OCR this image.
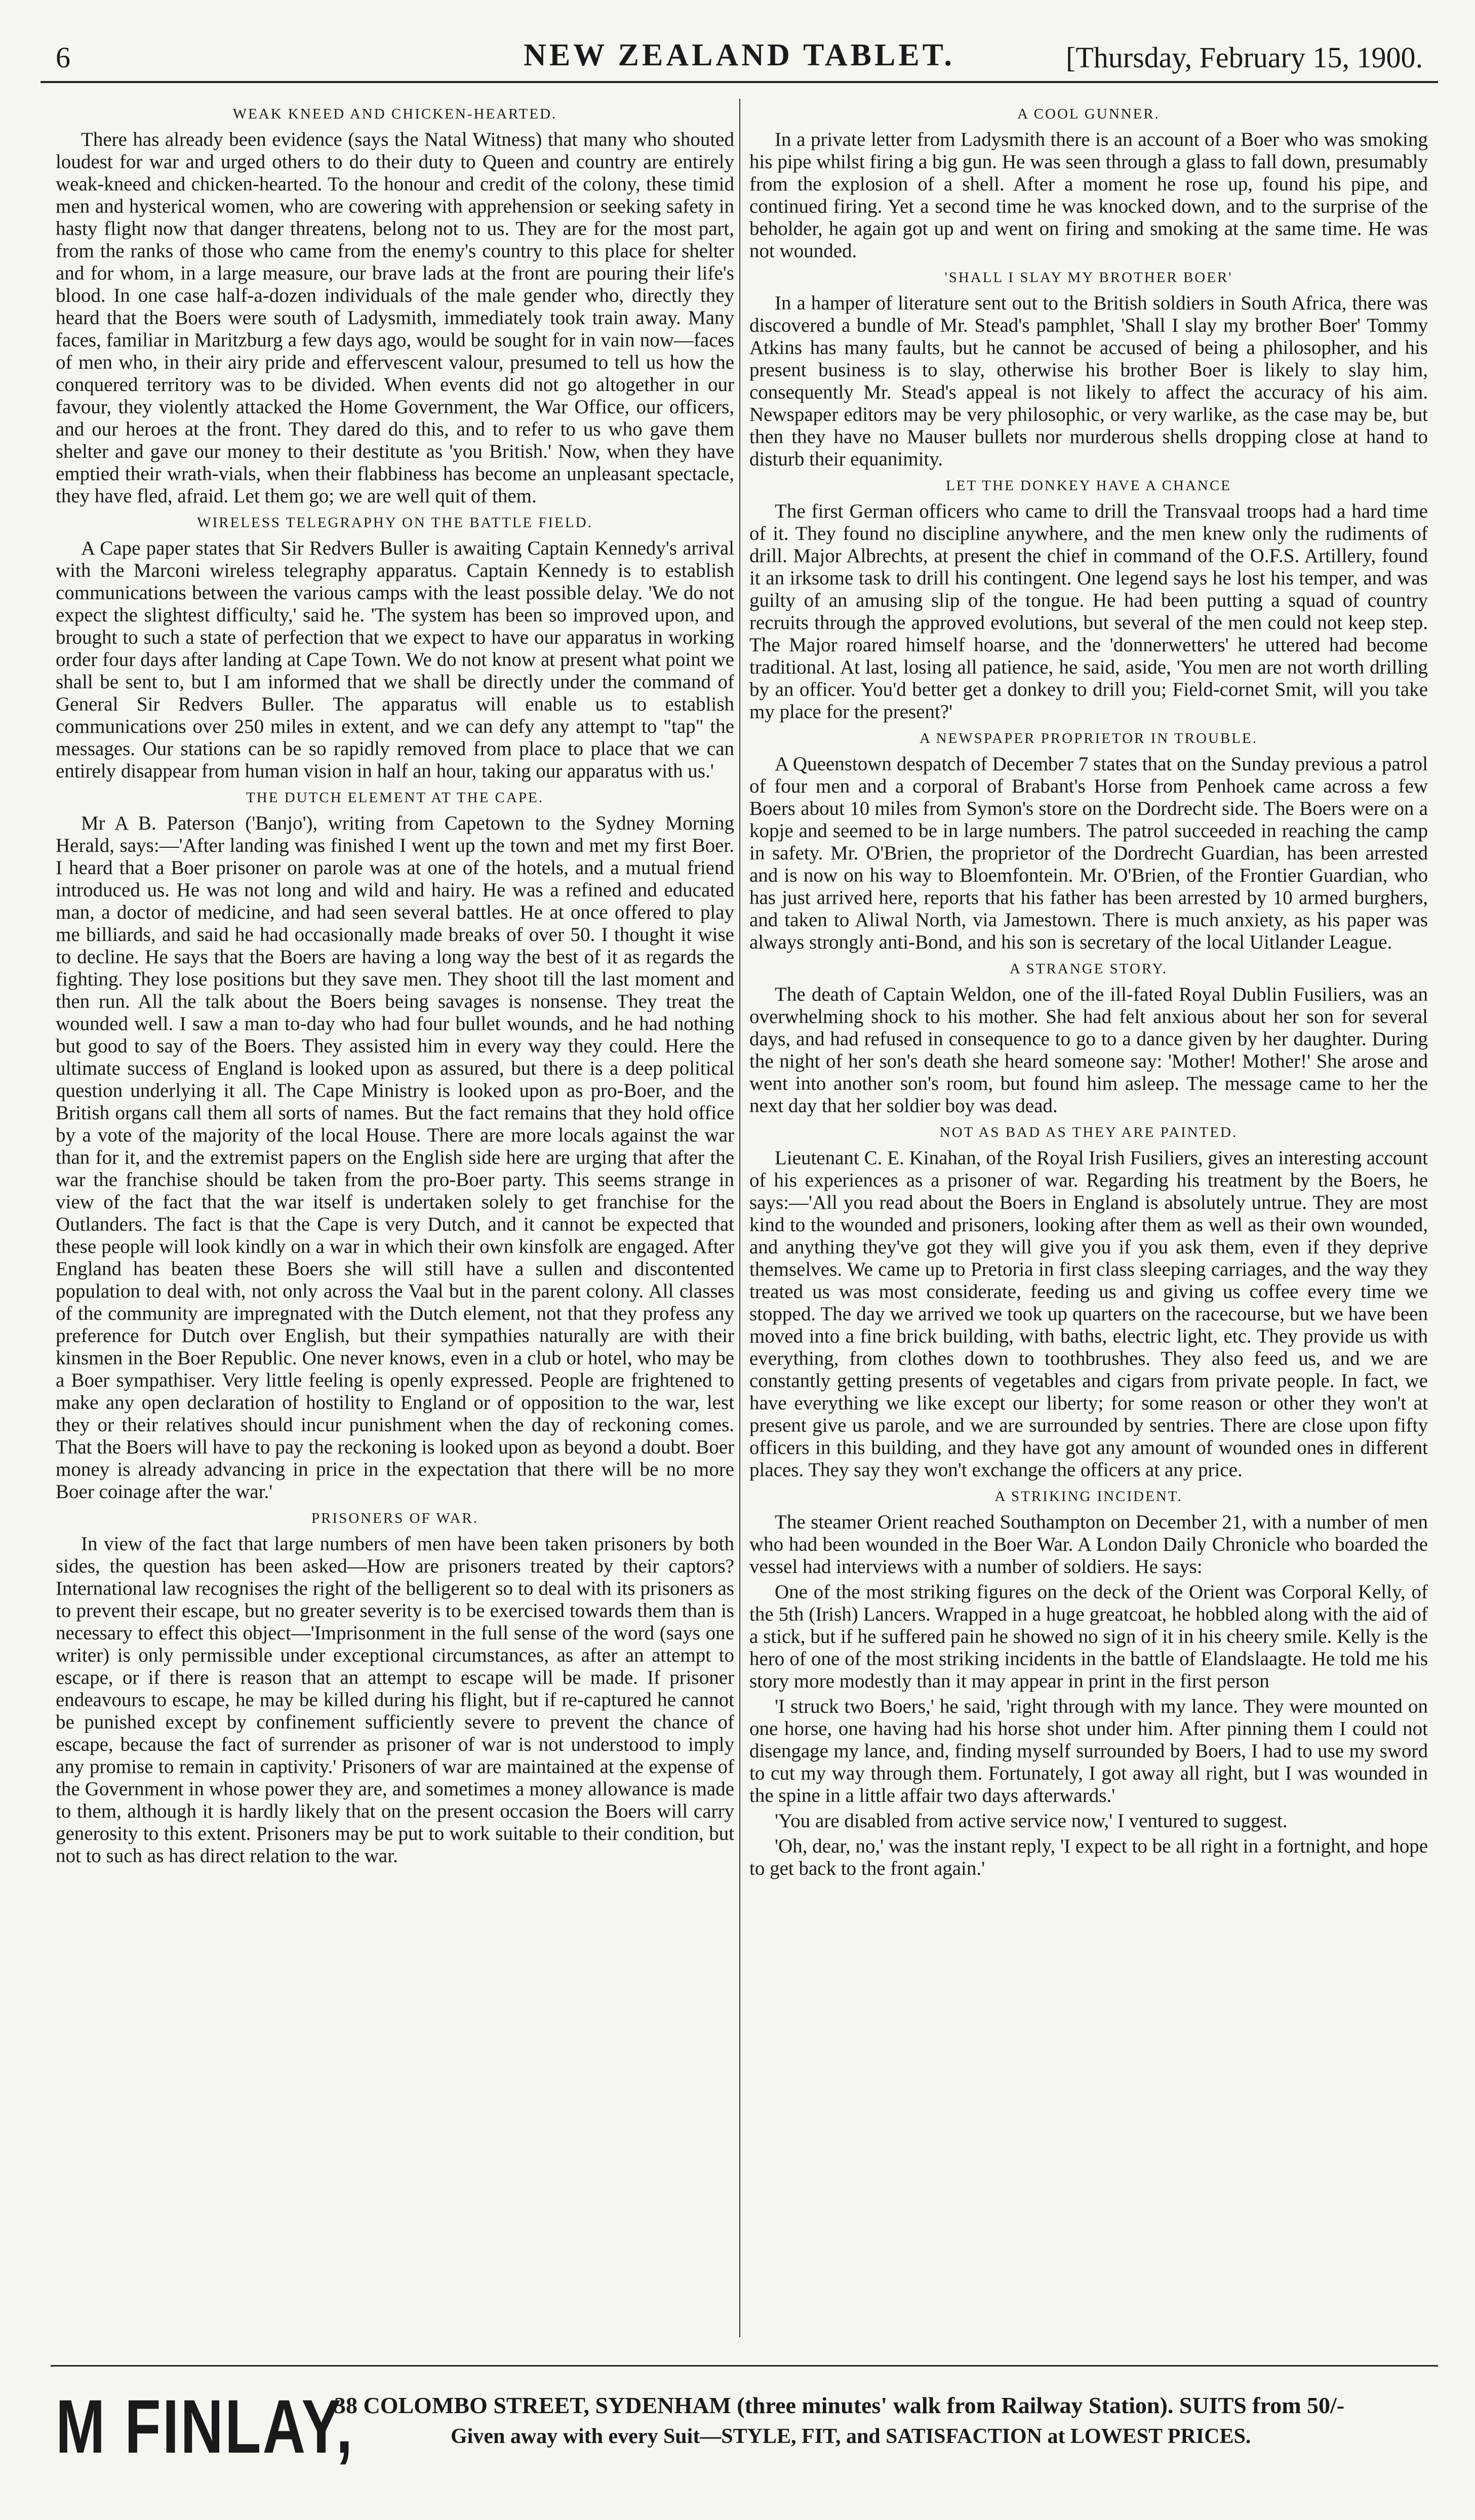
6	NEW ZEALAND TABLET.	[Thursday, February 15, 1900.
WEAK KNEED AND CHICKEN-HEARTED.

There has already been evidence (says the Natal Witness) that many who shouted loudest for war and urged others to do their duty to Queen and country are entirely weak-kneed and chicken-hearted. To the honour and credit of the colony, these timid men and hysterical women, who are cowering with apprehension or seeking safety in hasty flight now that danger threatens, belong not to us. They are for the most part, from the ranks of those who came from the enemy's country to this place for shelter and for whom, in a large measure, our brave lads at the front are pouring their life's blood. In one case half-a-dozen individuals of the male gender who, directly they heard that the Boers were south of Ladysmith, immediately took train away. Many faces, familiar in Maritzburg a few days ago, would be sought for in vain now—faces of men who, in their airy pride and effervescent valour, presumed to tell us how the conquered territory was to be divided. When events did not go altogether in our favour, they violently attacked the Home Government, the War Office, our officers, and our heroes at the front. They dared do this, and to refer to us who gave them shelter and gave our money to their destitute as 'you British.' Now, when they have emptied their wrath-vials, when their flabbiness has become an unpleasant spectacle, they have fled, afraid. Let them go; we are well quit of them.

WIRELESS TELEGRAPHY ON THE BATTLE FIELD.

A Cape paper states that Sir Redvers Buller is awaiting Captain Kennedy's arrival with the Marconi wireless telegraphy apparatus. Captain Kennedy is to establish communications between the various camps with the least possible delay. 'We do not expect the slightest difficulty,' said he. 'The system has been so improved upon, and brought to such a state of perfection that we expect to have our apparatus in working order four days after landing at Cape Town. We do not know at present what point we shall be sent to, but I am informed that we shall be directly under the command of General Sir Redvers Buller. The apparatus will enable us to establish communications over 250 miles in extent, and we can defy any attempt to "tap" the messages. Our stations can be so rapidly removed from place to place that we can entirely disappear from human vision in half an hour, taking our apparatus with us.'

THE DUTCH ELEMENT AT THE CAPE.

Mr A B. Paterson ('Banjo'), writing from Capetown to the Sydney Morning Herald, says:—'After landing was finished I went up the town and met my first Boer. I heard that a Boer prisoner on parole was at one of the hotels, and a mutual friend introduced us. He was not long and wild and hairy. He was a refined and educated man, a doctor of medicine, and had seen several battles. He at once offered to play me billiards, and said he had occasionally made breaks of over 50. I thought it wise to decline. He says that the Boers are having a long way the best of it as regards the fighting. They lose positions but they save men. They shoot till the last moment and then run. All the talk about the Boers being savages is nonsense. They treat the wounded well. I saw a man to-day who had four bullet wounds, and he had nothing but good to say of the Boers. They assisted him in every way they could. Here the ultimate success of England is looked upon as assured, but there is a deep political question underlying it all. The Cape Ministry is looked upon as pro-Boer, and the British organs call them all sorts of names. But the fact remains that they hold office by a vote of the majority of the local House. There are more locals against the war than for it, and the extremist papers on the English side here are urging that after the war the franchise should be taken from the pro-Boer party. This seems strange in view of the fact that the war itself is undertaken solely to get franchise for the Outlanders. The fact is that the Cape is very Dutch, and it cannot be expected that these people will look kindly on a war in which their own kinsfolk are engaged. After England has beaten these Boers she will still have a sullen and discontented population to deal with, not only across the Vaal but in the parent colony. All classes of the community are impregnated with the Dutch element, not that they profess any preference for Dutch over English, but their sympathies naturally are with their kinsmen in the Boer Republic. One never knows, even in a club or hotel, who may be a Boer sympathiser. Very little feeling is openly expressed. People are frightened to make any open declaration of hostility to England or of opposition to the war, lest they or their relatives should incur punishment when the day of reckoning comes. That the Boers will have to pay the reckoning is looked upon as beyond a doubt. Boer money is already advancing in price in the expectation that there will be no more Boer coinage after the war.'

PRISONERS OF WAR.

In view of the fact that large numbers of men have been taken prisoners by both sides, the question has been asked—How are prisoners treated by their captors? International law recognises the right of the belligerent so to deal with its prisoners as to prevent their escape, but no greater severity is to be exercised towards them than is necessary to effect this object—'Imprisonment in the full sense of the word (says one writer) is only permissible under exceptional circumstances, as after an attempt to escape, or if there is reason that an attempt to escape will be made. If prisoner endeavours to escape, he may be killed during his flight, but if re-captured he cannot be punished except by confinement sufficiently severe to prevent the chance of escape, because the fact of surrender as prisoner of war is not understood to imply any promise to remain in captivity.' Prisoners of war are maintained at the expense of the Government in whose power they are, and sometimes a money allowance is made to them, although it is hardly likely that on the present occasion the Boers will carry generosity to this extent. Prisoners may be put to work suitable to their condition, but not to such as has direct relation to the war.

A COOL GUNNER.

In a private letter from Ladysmith there is an account of a Boer who was smoking his pipe whilst firing a big gun. He was seen through a glass to fall down, presumably from the explosion of a shell. After a moment he rose up, found his pipe, and continued firing. Yet a second time he was knocked down, and to the surprise of the beholder, he again got up and went on firing and smoking at the same time. He was not wounded.

'SHALL I SLAY MY BROTHER BOER'

In a hamper of literature sent out to the British soldiers in South Africa, there was discovered a bundle of Mr. Stead's pamphlet, 'Shall I slay my brother Boer' Tommy Atkins has many faults, but he cannot be accused of being a philosopher, and his present business is to slay, otherwise his brother Boer is likely to slay him, consequently Mr. Stead's appeal is not likely to affect the accuracy of his aim. Newspaper editors may be very philosophic, or very warlike, as the case may be, but then they have no Mauser bullets nor murderous shells dropping close at hand to disturb their equanimity.

LET THE DONKEY HAVE A CHANCE

The first German officers who came to drill the Transvaal troops had a hard time of it. They found no discipline anywhere, and the men knew only the rudiments of drill. Major Albrechts, at present the chief in command of the O.F.S. Artillery, found it an irksome task to drill his contingent. One legend says he lost his temper, and was guilty of an amusing slip of the tongue. He had been putting a squad of country recruits through the approved evolutions, but several of the men could not keep step. The Major roared himself hoarse, and the 'donnerwetters' he uttered had become traditional. At last, losing all patience, he said, aside, 'You men are not worth drilling by an officer. You'd better get a donkey to drill you; Field-cornet Smit, will you take my place for the present?'

A NEWSPAPER PROPRIETOR IN TROUBLE.

A Queenstown despatch of December 7 states that on the Sunday previous a patrol of four men and a corporal of Brabant's Horse from Penhoek came across a few Boers about 10 miles from Symon's store on the Dordrecht side. The Boers were on a kopje and seemed to be in large numbers. The patrol succeeded in reaching the camp in safety. Mr. O'Brien, the proprietor of the Dordrecht Guardian, has been arrested and is now on his way to Bloemfontein. Mr. O'Brien, of the Frontier Guardian, who has just arrived here, reports that his father has been arrested by 10 armed burghers, and taken to Aliwal North, via Jamestown. There is much anxiety, as his paper was always strongly anti-Bond, and his son is secretary of the local Uitlander League.

A STRANGE STORY.

The death of Captain Weldon, one of the ill-fated Royal Dublin Fusiliers, was an overwhelming shock to his mother. She had felt anxious about her son for several days, and had refused in consequence to go to a dance given by her daughter. During the night of her son's death she heard someone say: 'Mother! Mother!' She arose and went into another son's room, but found him asleep. The message came to her the next day that her soldier boy was dead.

NOT AS BAD AS THEY ARE PAINTED.

Lieutenant C. E. Kinahan, of the Royal Irish Fusiliers, gives an interesting account of his experiences as a prisoner of war. Regarding his treatment by the Boers, he says:—'All you read about the Boers in England is absolutely untrue. They are most kind to the wounded and prisoners, looking after them as well as their own wounded, and anything they've got they will give you if you ask them, even if they deprive themselves. We came up to Pretoria in first class sleeping carriages, and the way they treated us was most considerate, feeding us and giving us coffee every time we stopped. The day we arrived we took up quarters on the racecourse, but we have been moved into a fine brick building, with baths, electric light, etc. They provide us with everything, from clothes down to toothbrushes. They also feed us, and we are constantly getting presents of vegetables and cigars from private people. In fact, we have everything we like except our liberty; for some reason or other they won't at present give us parole, and we are surrounded by sentries. There are close upon fifty officers in this building, and they have got any amount of wounded ones in different places. They say they won't exchange the officers at any price.

A STRIKING INCIDENT.

The steamer Orient reached Southampton on December 21, with a number of men who had been wounded in the Boer War. A London Daily Chronicle who boarded the vessel had interviews with a number of soldiers. He says:

One of the most striking figures on the deck of the Orient was Corporal Kelly, of the 5th (Irish) Lancers. Wrapped in a huge greatcoat, he hobbled along with the aid of a stick, but if he suffered pain he showed no sign of it in his cheery smile. Kelly is the hero of one of the most striking incidents in the battle of Elandslaagte. He told me his story more modestly than it may appear in print in the first person

'I struck two Boers,' he said, 'right through with my lance. They were mounted on one horse, one having had his horse shot under him. After pinning them I could not disengage my lance, and, finding myself surrounded by Boers, I had to use my sword to cut my way through them. Fortunately, I got away all right, but I was wounded in the spine in a little affair two days afterwards.'

'You are disabled from active service now,' I ventured to suggest.

'Oh, dear, no,' was the instant reply, 'I expect to be all right in a fortnight, and hope to get back to the front again.'

M FINLAY,
38 COLOMBO STREET, SYDENHAM (three minutes' walk from Railway Station). SUITS from 50/-
Given away with every Suit—STYLE, FIT, and SATISFACTION at LOWEST PRICES.
